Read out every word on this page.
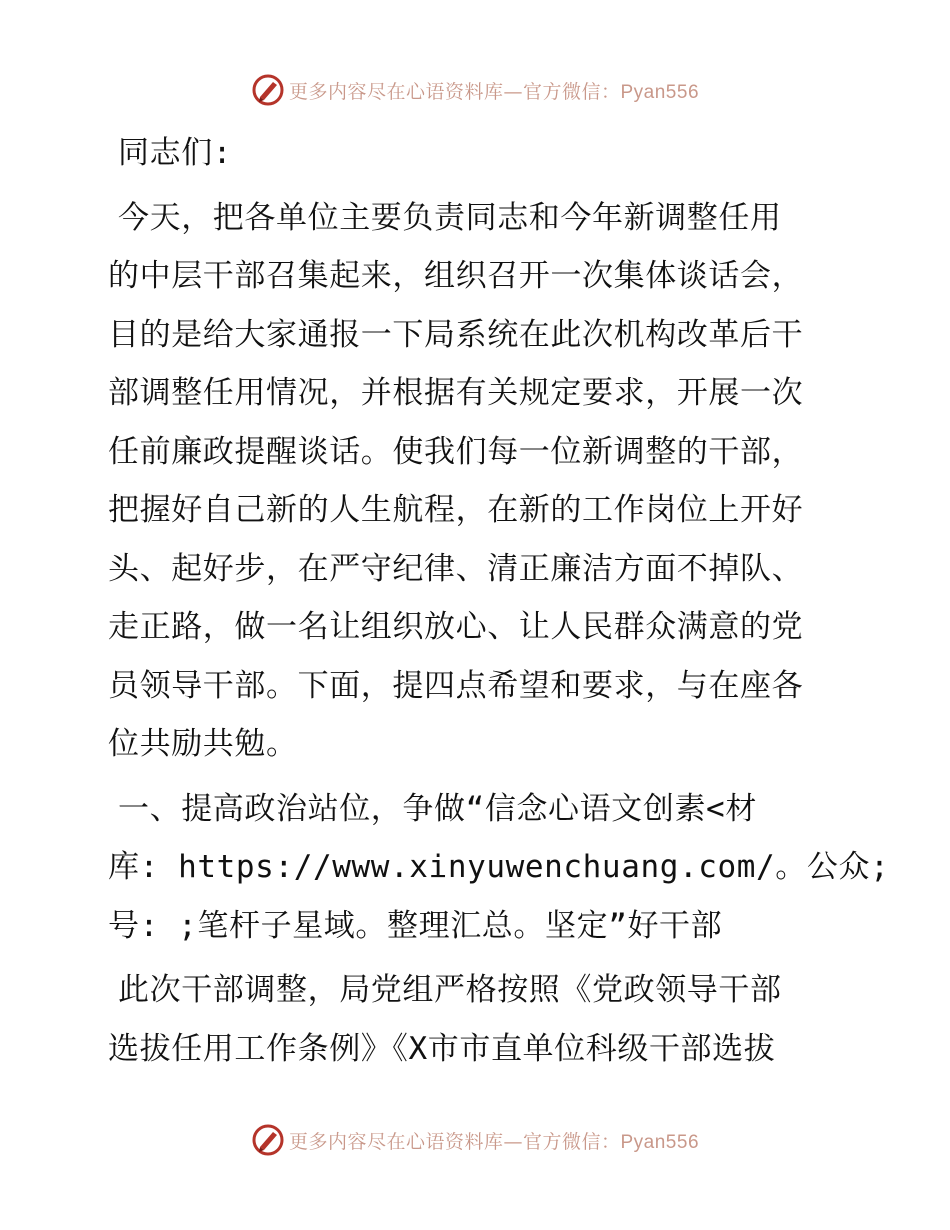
更多内容尽在心语资料库—官方微信：Pyan556
同志们:
今天，把各单位主要负责同志和今年新调整任用
的中层干部召集起来，组织召开一次集体谈话会，
目的是给大家通报一下局系统在此次机构改革后干
部调整任用情况，并根据有关规定要求，开展一次
任前廉政提醒谈话。使我们每一位新调整的干部，
把握好自己新的人生航程，在新的工作岗位上开好
头、起好步，在严守纪律、清正廉洁方面不掉队、
走正路，做一名让组织放心、让人民群众满意的党
员领导干部。下面，提四点希望和要求，与在座各
位共励共勉。
一、提高政治站位，争做“信念心语文创素<材
库: https://www.xinyuwenchuang.com/。公众;
号: ;笔杆子星域。整理汇总。坚定”好干部
此次干部调整，局党组严格按照《党政领导干部
选拔任用工作条例》《X市市直单位科级干部选拔
更多内容尽在心语资料库—官方微信：Pyan556
